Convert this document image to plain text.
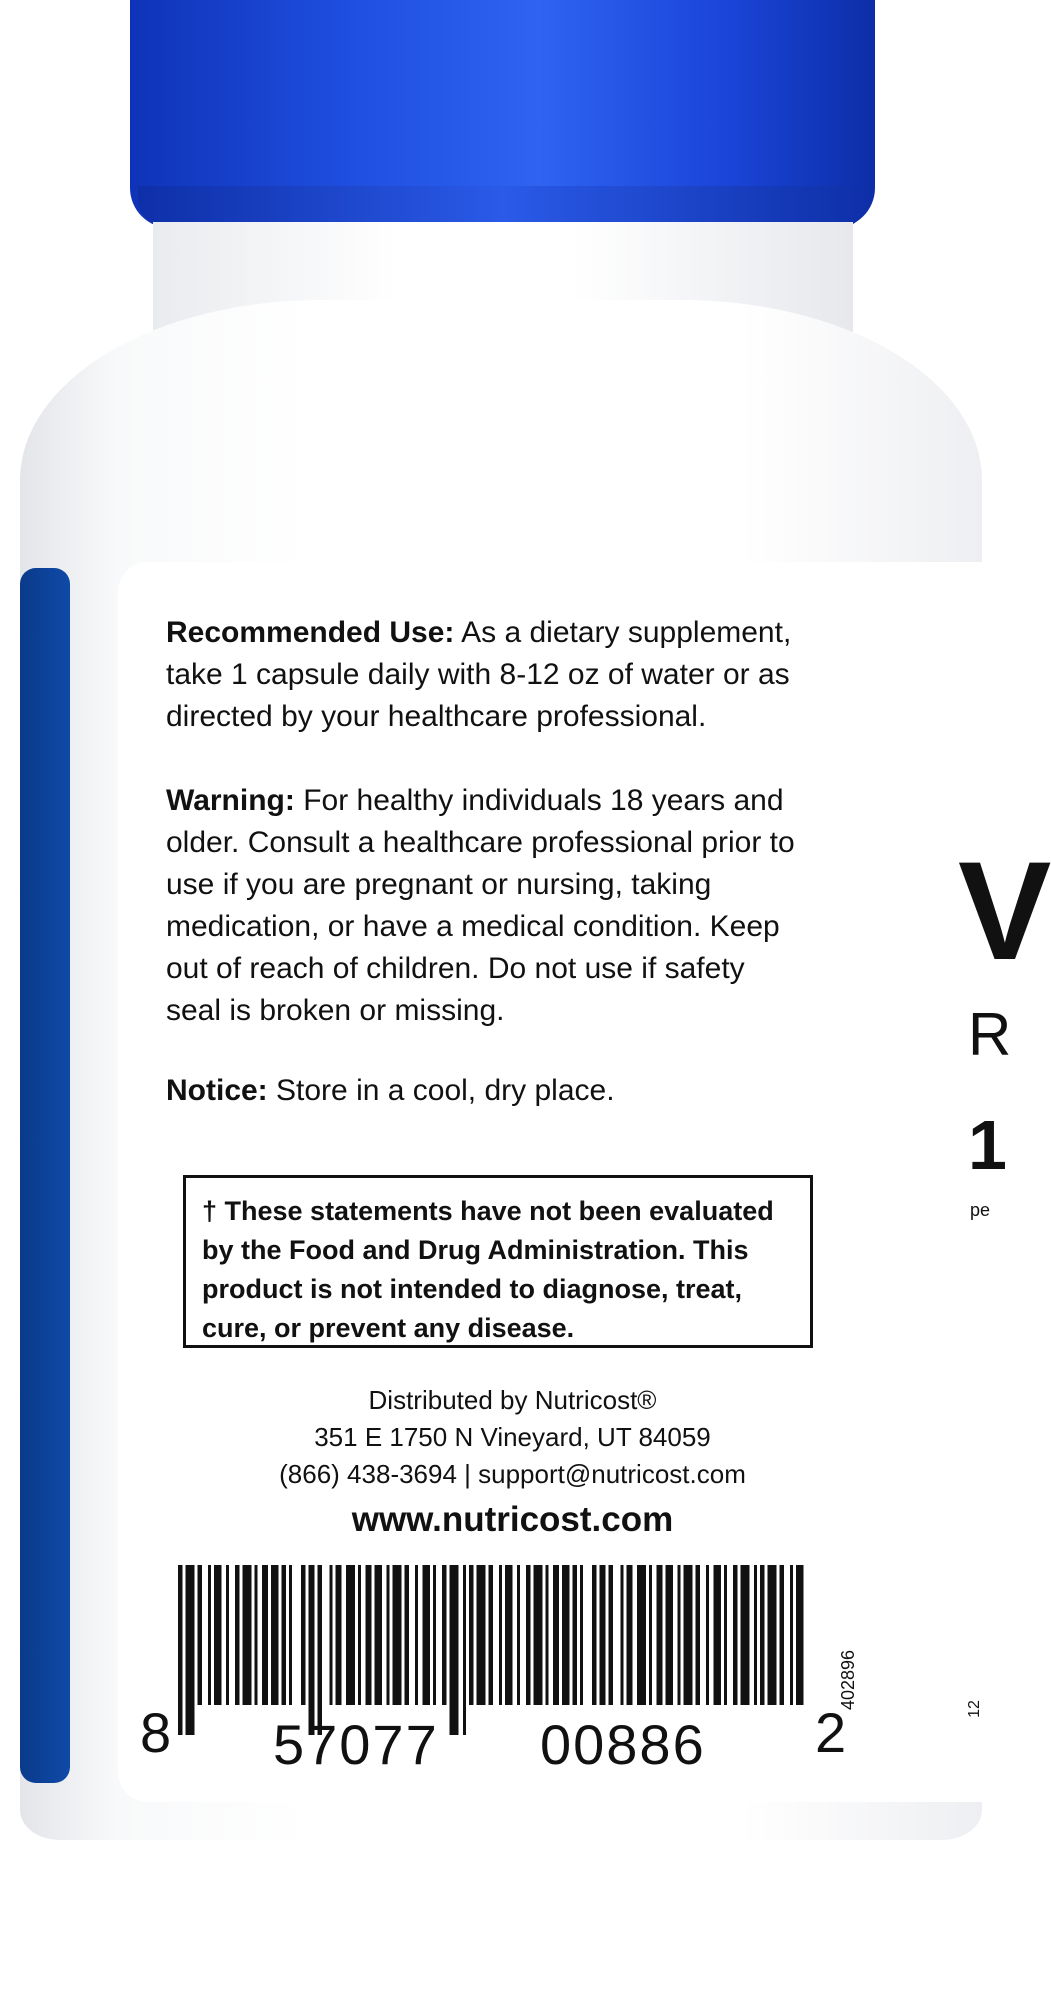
Recommended Use: As a dietary supplement,
take 1 capsule daily with 8-12 oz of water or as
directed by your healthcare professional.
Warning: For healthy individuals 18 years and
older. Consult a healthcare professional prior to
use if you are pregnant or nursing, taking
medication, or have a medical condition. Keep
out of reach of children. Do not use if safety
seal is broken or missing.
Notice: Store in a cool, dry place.
† These statements have not been evaluated
by the Food and Drug Administration. This
product is not intended to diagnose, treat,
cure, or prevent any disease.
Distributed by Nutricost®
351 E 1750 N Vineyard, UT 84059
(866) 438-3694 | support@nutricost.com
www.nutricost.com
8 57077 00886 2
402896
V
R
1
pe
12
